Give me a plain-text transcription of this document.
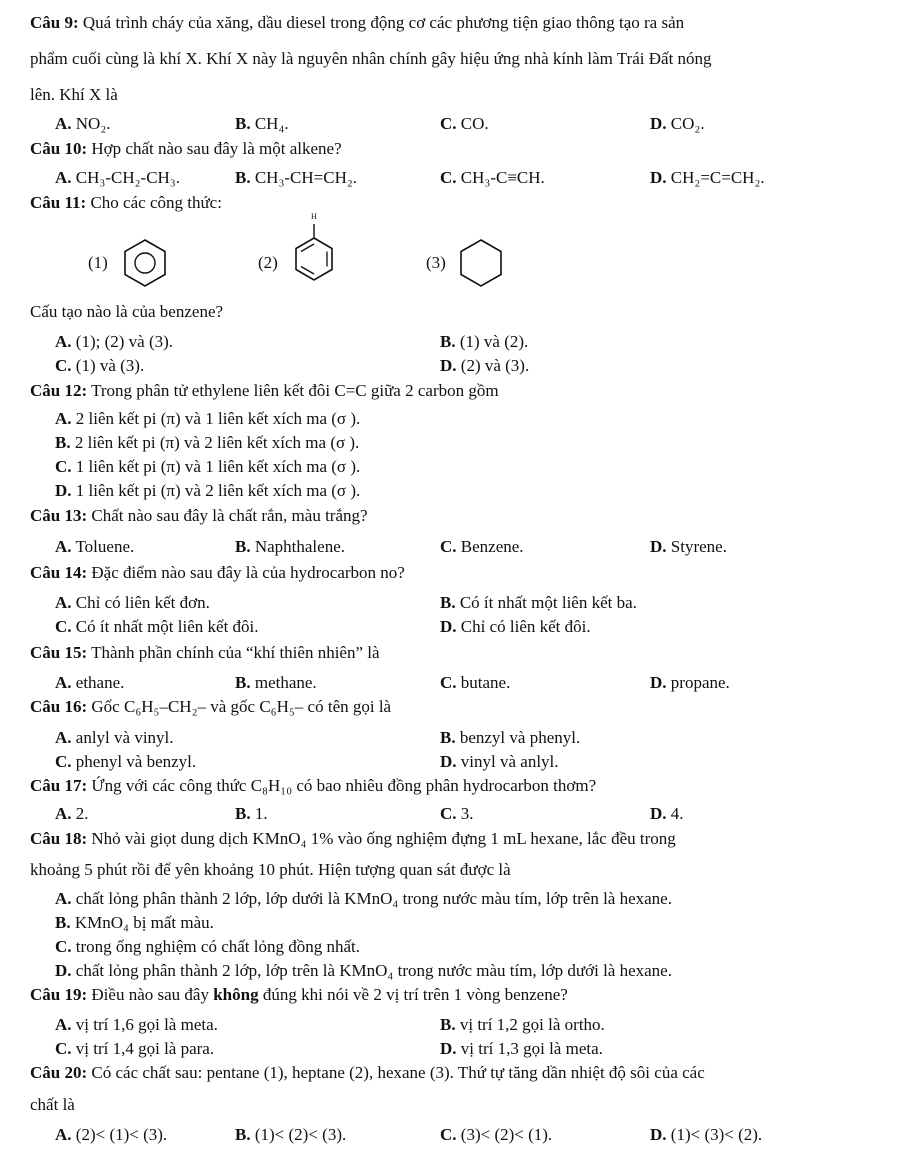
Câu 9: Quá trình cháy của xăng, dầu diesel trong động cơ các phương tiện giao thông tạo ra sản
phẩm cuối cùng là khí X. Khí X này là nguyên nhân chính gây hiệu ứng nhà kính làm Trái Đất nóng
lên. Khí X là
A. NO₂.	B. CH₄.	C. CO.	D. CO₂.
Câu 10: Hợp chất nào sau đây là một alkene?
A. CH₃-CH₂-CH₃.	B. CH₃-CH=CH₂.	C. CH₃-C≡CH.	D. CH₂=C=CH₂.
Câu 11: Cho các công thức:
(1)	(2)
H
(3)
Cấu tạo nào là của benzene?
A. (1); (2) và (3).	B. (1) và (2).
C. (1) và (3).	D. (2) và (3).
Câu 12: Trong phân tử ethylene liên kết đôi C=C giữa 2 carbon gồm
A. 2 liên kết pi (π) và 1 liên kết xích ma (σ ).
B. 2 liên kết pi (π) và 2 liên kết xích ma (σ ).
C. 1 liên kết pi (π) và 1 liên kết xích ma (σ ).
D. 1 liên kết pi (π) và 2 liên kết xích ma (σ ).
Câu 13: Chất nào sau đây là chất rắn, màu trắng?
A. Toluene.	B. Naphthalene.	C. Benzene.	D. Styrene.
Câu 14: Đặc điểm nào sau đây là của hydrocarbon no?
A. Chỉ có liên kết đơn.	B. Có ít nhất một liên kết ba.
C. Có ít nhất một liên kết đôi.	D. Chỉ có liên kết đôi.
Câu 15: Thành phần chính của “khí thiên nhiên” là
A. ethane.	B. methane.	C. butane.	D. propane.
Câu 16: Gốc C₆H₅–CH₂– và gốc C₆H₅– có tên gọi là
A. anlyl và vinyl.	B. benzyl và phenyl.
C. phenyl và benzyl.	D. vinyl và anlyl.
Câu 17: Ứng với các công thức C₈H₁₀ có bao nhiêu đồng phân hydrocarbon thơm?
A. 2.	B. 1.	C. 3.	D. 4.
Câu 18: Nhỏ vài giọt dung dịch KMnO₄ 1% vào ống nghiệm đựng 1 mL hexane, lắc đều trong
khoảng 5 phút rồi để yên khoảng 10 phút. Hiện tượng quan sát được là
A. chất lỏng phân thành 2 lớp, lớp dưới là KMnO₄ trong nước màu tím, lớp trên là hexane.
B. KMnO₄ bị mất màu.
C. trong ống nghiệm có chất lỏng đồng nhất.
D. chất lỏng phân thành 2 lớp, lớp trên là KMnO₄ trong nước màu tím, lớp dưới là hexane.
Câu 19: Điều nào sau đây không đúng khi nói về 2 vị trí trên 1 vòng benzene?
A. vị trí 1,6 gọi là meta.	B. vị trí 1,2 gọi là ortho.
C. vị trí 1,4 gọi là para.	D. vị trí 1,3 gọi là meta.
Câu 20: Có các chất sau: pentane (1), heptane (2), hexane (3). Thứ tự tăng dần nhiệt độ sôi của các
chất là
A. (2)< (1)< (3).	B. (1)< (2)< (3).	C. (3)< (2)< (1).	D. (1)< (3)< (2).
